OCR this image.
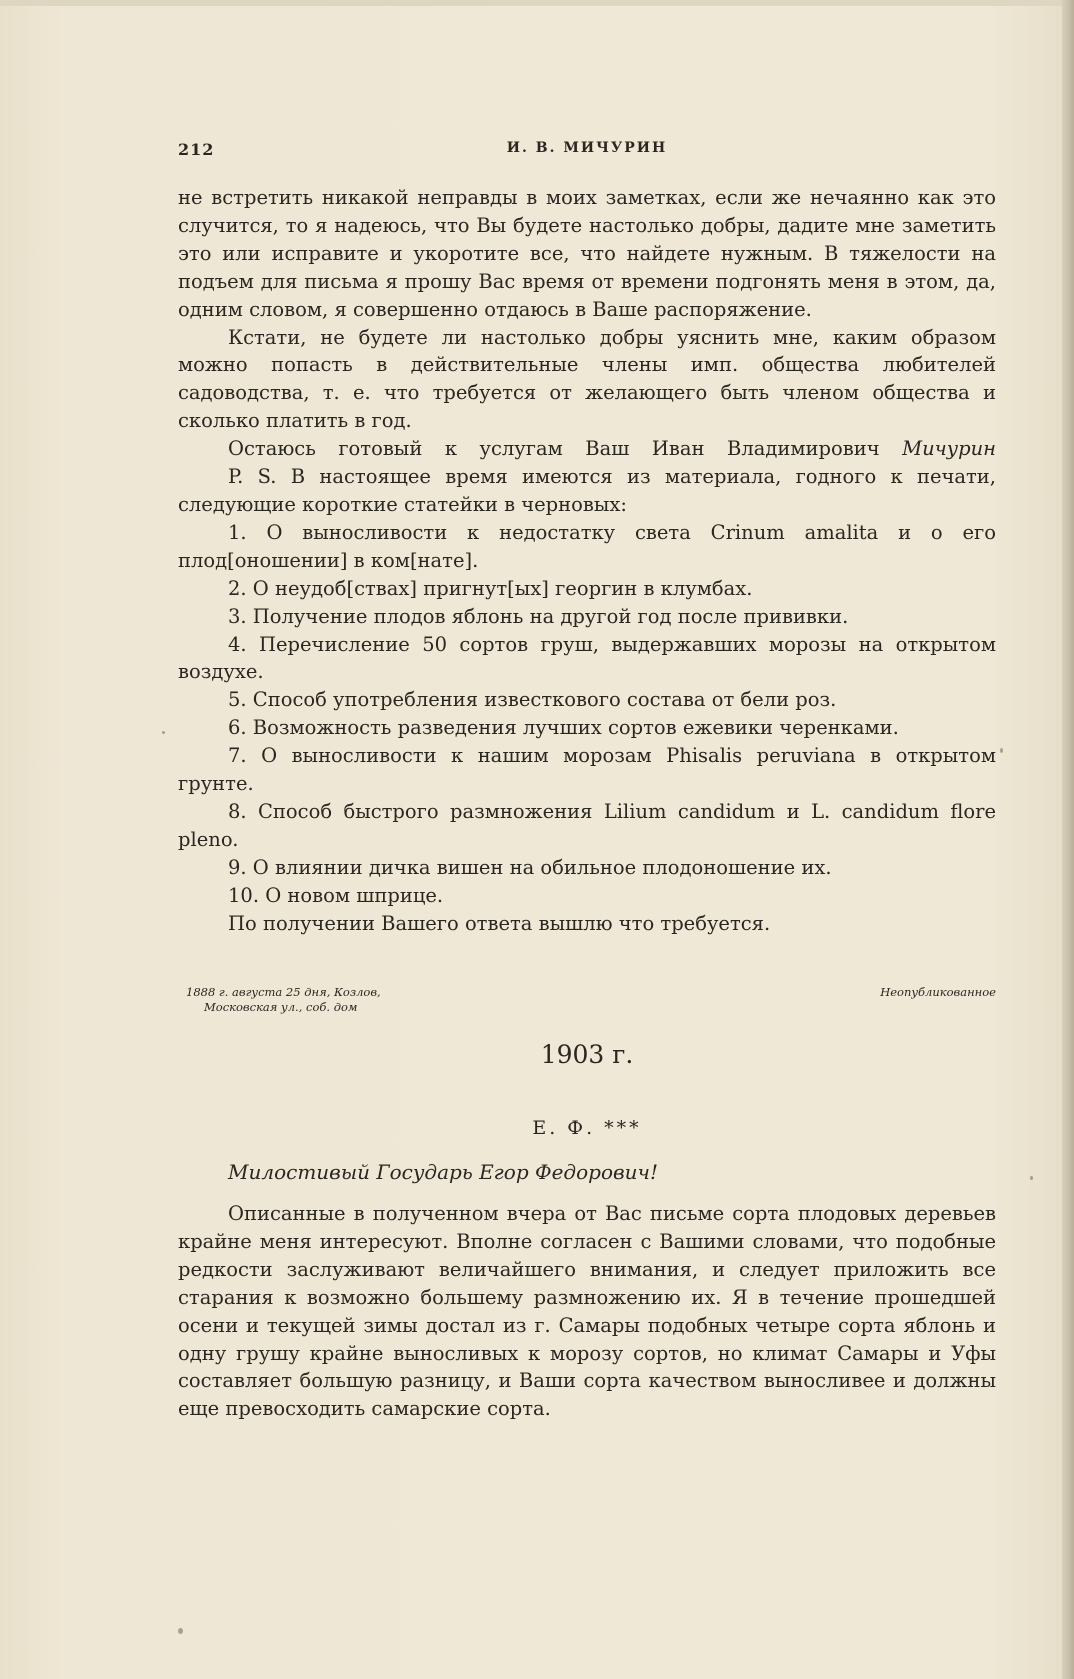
212	И. В. МИЧУРИН

не встретить никакой неправды в моих заметках, если же нечаянно как это случится, то я надеюсь, что Вы будете настолько добры, дадите мне заметить это или исправите и укоротите все, что найдете нужным. В тяжелости на подъем для письма я прошу Вас время от времени подгонять меня в этом, да, одним словом, я совершенно отдаюсь в Ваше распоряжение.

Кстати, не будете ли настолько добры уяснить мне, каким образом можно попасть в действительные члены имп. общества любителей садоводства, т. е. что требуется от желающего быть членом общества и сколько платить в год.

Остаюсь готовый к услугам Ваш Иван Владимирович Мичурин

P. S. В настоящее время имеются из материала, годного к печати, следующие короткие статейки в черновых:

1. О выносливости к недостатку света Crinum amalita и о его плод[оношении] в ком[нате].

2. О неудоб[ствах] пригнут[ых] георгин в клумбах.

3. Получение плодов яблонь на другой год после прививки.

4. Перечисление 50 сортов груш, выдержавших морозы на открытом воздухе.

5. Способ употребления известкового состава от бели роз.

6. Возможность разведения лучших сортов ежевики черенками.

7. О выносливости к нашим морозам Phisalis peruviana в открытом грунте.

8. Способ быстрого размножения Lilium candidum и L. candidum flore pleno.

9. О влиянии дичка вишен на обильное плодоношение их.

10. О новом шприце.

По получении Вашего ответа вышлю что требуется.

1888 г. августа 25 дня, Козлов,
Московская ул., соб. дом
Неопубликованное
1903 г.
Е. Ф. ***
Милостивый Государь Егор Федорович!

Описанные в полученном вчера от Вас письме сорта плодовых деревьев крайне меня интересуют. Вполне согласен с Вашими словами, что подобные редкости заслуживают величайшего внимания, и следует приложить все старания к возможно большему размножению их. Я в течение прошедшей осени и текущей зимы достал из г. Самары подобных четыре сорта яблонь и одну грушу крайне выносливых к морозу сортов, но климат Самары и Уфы составляет большую разницу, и Ваши сорта качеством выносливее и должны еще превосходить самарские сорта.
